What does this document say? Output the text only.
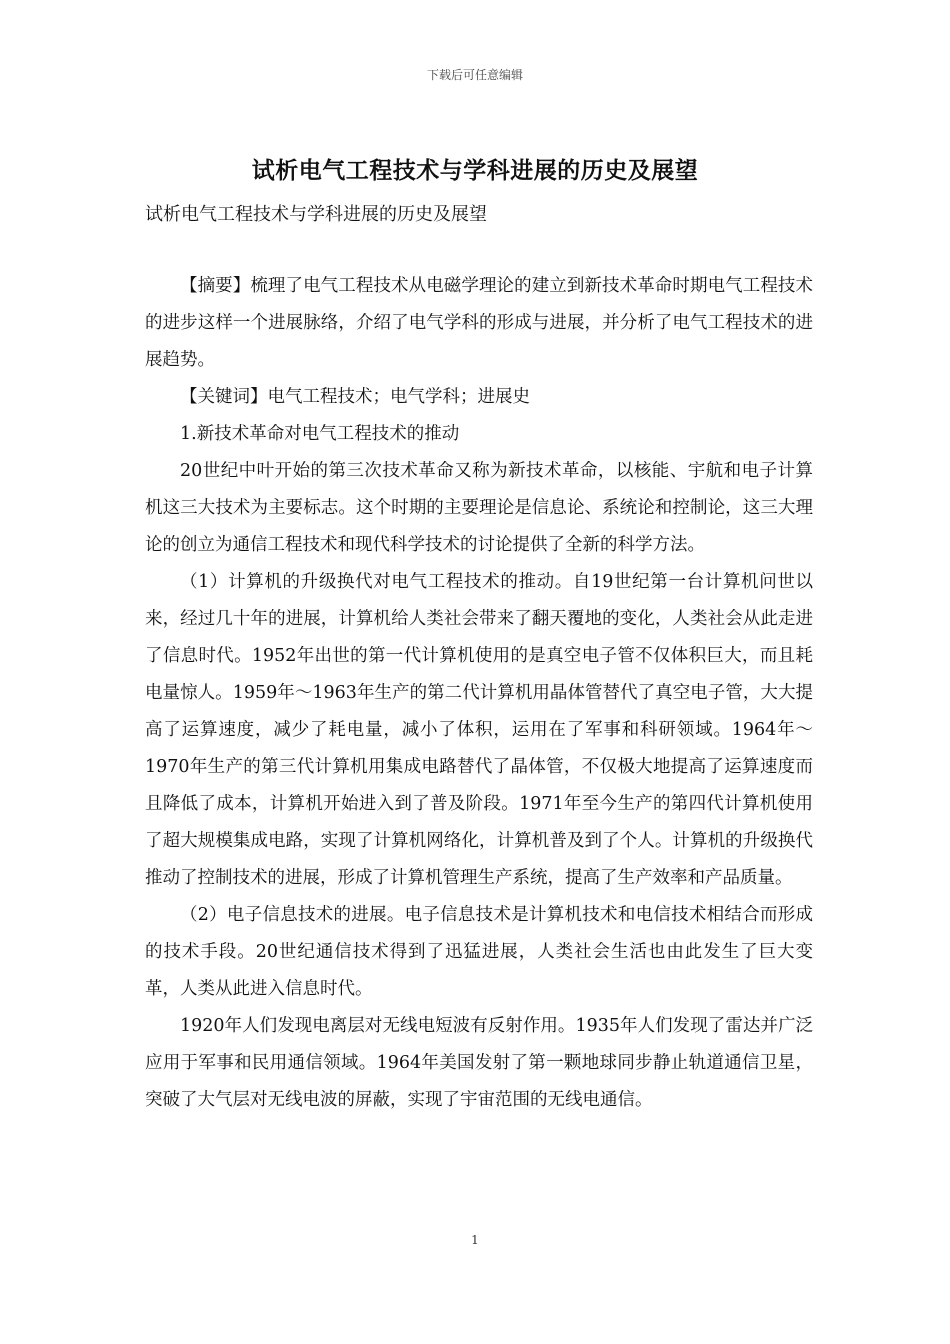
下载后可任意编辑
试析电气工程技术与学科进展的历史及展望
试析电气工程技术与学科进展的历史及展望

【摘要】梳理了电气工程技术从电磁学理论的建立到新技术革命时期电气工程技术的进步这样一个进展脉络，介绍了电气学科的形成与进展，并分析了电气工程技术的进展趋势。

【关键词】电气工程技术；电气学科；进展史

1.新技术革命对电气工程技术的推动

20世纪中叶开始的第三次技术革命又称为新技术革命，以核能、宇航和电子计算机这三大技术为主要标志。这个时期的主要理论是信息论、系统论和控制论，这三大理论的创立为通信工程技术和现代科学技术的讨论提供了全新的科学方法。

（1）计算机的升级换代对电气工程技术的推动。自19世纪第一台计算机问世以来，经过几十年的进展，计算机给人类社会带来了翻天覆地的变化，人类社会从此走进了信息时代。1952年出世的第一代计算机使用的是真空电子管不仅体积巨大，而且耗电量惊人。1959年～1963年生产的第二代计算机用晶体管替代了真空电子管，大大提高了运算速度，减少了耗电量，减小了体积，运用在了军事和科研领域。1964年～1970年生产的第三代计算机用集成电路替代了晶体管，不仅极大地提高了运算速度而且降低了成本，计算机开始进入到了普及阶段。1971年至今生产的第四代计算机使用了超大规模集成电路，实现了计算机网络化，计算机普及到了个人。计算机的升级换代推动了控制技术的进展，形成了计算机管理生产系统，提高了生产效率和产品质量。

（2）电子信息技术的进展。电子信息技术是计算机技术和电信技术相结合而形成的技术手段。20世纪通信技术得到了迅猛进展，人类社会生活也由此发生了巨大变革，人类从此进入信息时代。

1920年人们发现电离层对无线电短波有反射作用。1935年人们发现了雷达并广泛应用于军事和民用通信领域。1964年美国发射了第一颗地球同步静止轨道通信卫星，突破了大气层对无线电波的屏蔽，实现了宇宙范围的无线电通信。

1
